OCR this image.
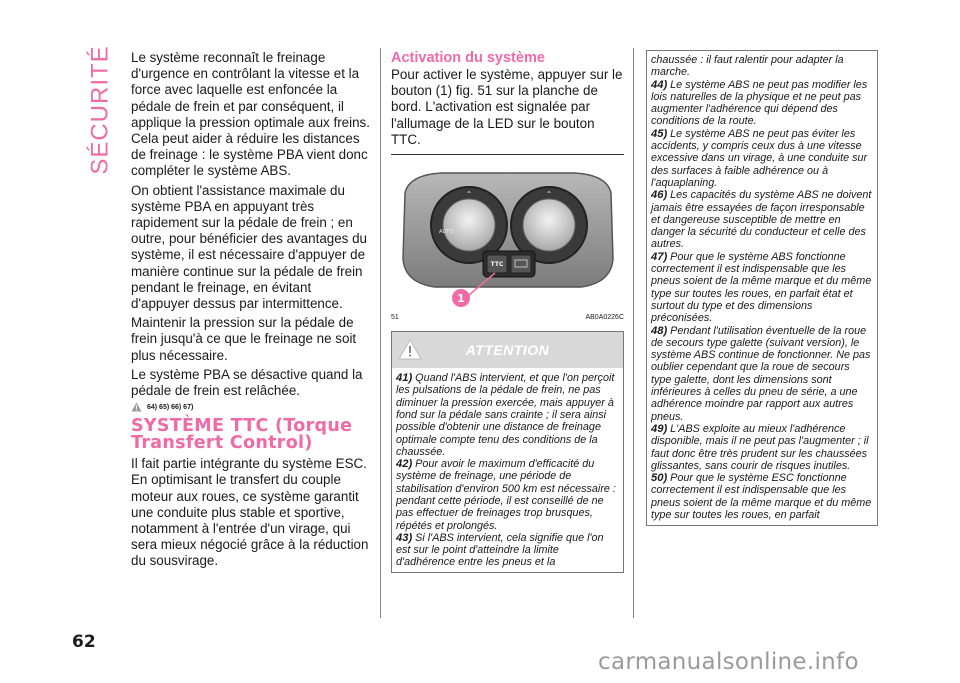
SÉCURITÉ Le système reconnaît le freinage d'urgence en contrôlant la vitesse et la force avec laquelle est enfoncée la pédale de frein et par conséquent, il applique la pression optimale aux freins. Cela peut aider à réduire les distances de freinage : le système PBA vient donc compléter le système ABS.

On obtient l'assistance maximale du système PBA en appuyant très rapidement sur la pédale de frein ; en outre, pour bénéficier des avantages du système, il est nécessaire d'appuyer de manière continue sur la pédale de frein pendant le freinage, en évitant d'appuyer dessus par intermittence.

Maintenir la pression sur la pédale de frein jusqu'à ce que le freinage ne soit plus nécessaire.

Le système PBA se désactive quand la pédale de frein est relâchée.

64) 65) 66) 67)
SYSTÈME TTC (Torque Transfert Control)

Il fait partie intégrante du système ESC. En optimisant le transfert du couple moteur aux roues, ce système garantit une conduite plus stable et sportive, notamment à l'entrée d'un virage, qui sera mieux négocié grâce à la réduction du sousvirage.

Activation du système

Pour activer le système, appuyer sur le bouton (1) fig. 51 sur la planche de bord. L'activation est signalée par l'allumage de la LED sur le bouton TTC.

⌃	⌃
AUTO
OFF
TTC
1
51	AB0A0226C
ATTENTION

41) Quand l'ABS intervient, et que l'on perçoit les pulsations de la pédale de frein, ne pas diminuer la pression exercée, mais appuyer à fond sur la pédale sans crainte ; il sera ainsi possible d'obtenir une distance de freinage optimale compte tenu des conditions de la chaussée.

42) Pour avoir le maximum d'efficacité du système de freinage, une période de stabilisation d'environ 500 km est nécessaire : pendant cette période, il est conseillé de ne pas effectuer de freinages trop brusques, répétés et prolongés.

43) Si l'ABS intervient, cela signifie que l'on est sur le point d'atteindre la limite d'adhérence entre les pneus et la

chaussée : il faut ralentir pour adapter la marche.

44) Le système ABS ne peut pas modifier les lois naturelles de la physique et ne peut pas augmenter l'adhérence qui dépend des conditions de la route.

45) Le système ABS ne peut pas éviter les accidents, y compris ceux dus à une vitesse excessive dans un virage, à une conduite sur des surfaces à faible adhérence ou à l'aquaplaning.

46) Les capacités du système ABS ne doivent jamais être essayées de façon irresponsable et dangereuse susceptible de mettre en danger la sécurité du conducteur et celle des autres.

47) Pour que le système ABS fonctionne correctement il est indispensable que les pneus soient de la même marque et du même type sur toutes les roues, en parfait état et surtout du type et des dimensions préconisées.

48) Pendant l'utilisation éventuelle de la roue de secours type galette (suivant version), le système ABS continue de fonctionner. Ne pas oublier cependant que la roue de secours type galette, dont les dimensions sont inférieures à celles du pneu de série, a une adhérence moindre par rapport aux autres pneus.

49) L'ABS exploite au mieux l'adhérence disponible, mais il ne peut pas l'augmenter ; il faut donc être très prudent sur les chaussées glissantes, sans courir de risques inutiles.

50) Pour que le système ESC fonctionne correctement il est indispensable que les pneus soient de la même marque et du même type sur toutes les roues, en parfait

62
carmanualsonline.info
